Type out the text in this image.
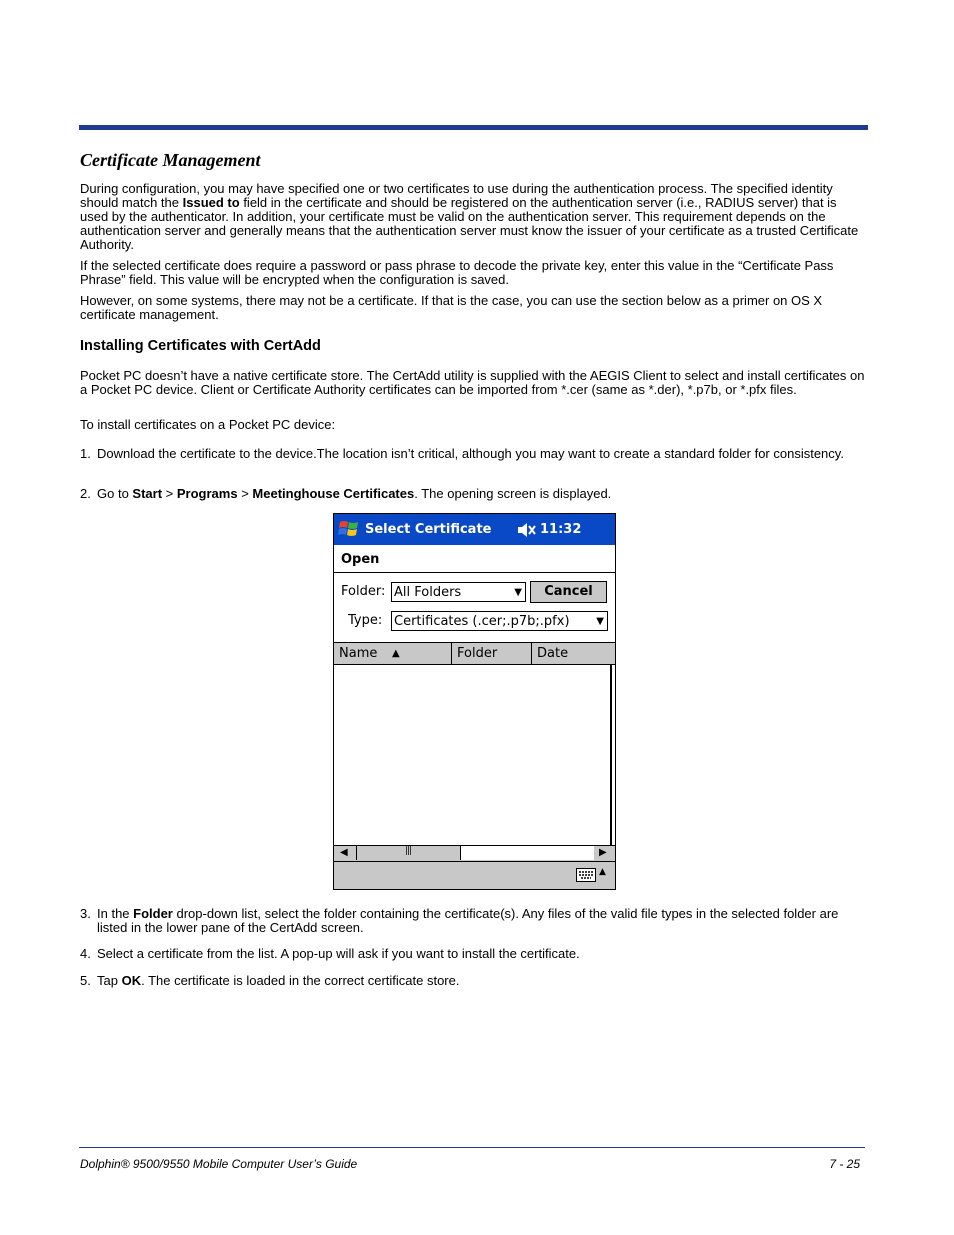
Certificate Management

During configuration, you may have specified one or two certificates to use during the authentication process. The specified identity should match the Issued to field in the certificate and should be registered on the authentication server (i.e., RADIUS server) that is used by the authenticator. In addition, your certificate must be valid on the authentication server. This requirement depends on the authentication server and generally means that the authentication server must know the issuer of your certificate as a trusted Certificate Authority.

If the selected certificate does require a password or pass phrase to decode the private key, enter this value in the “Certificate Pass Phrase” field. This value will be encrypted when the configuration is saved.

However, on some systems, there may not be a certificate. If that is the case, you can use the section below as a primer on OS X certificate management.

Installing Certificates with CertAdd

Pocket PC doesn’t have a native certificate store. The CertAdd utility is supplied with the AEGIS Client to select and install certificates on a Pocket PC device. Client or Certificate Authority certificates can be imported from *.cer (same as *.der), *.p7b, or *.pfx files.

To install certificates on a Pocket PC device:

1. Download the certificate to the device.The location isn’t critical, although you may want to create a standard folder for consistency.
2. Go to Start > Programs > Meetinghouse Certificates. The opening screen is displayed.
Select Certificate	11:32
Open
Folder: All Folders	▼	Cancel
Type: Certificates (.cer;.p7b;.pfx)	▼
Name ▲	Folder	Date
◀	|||	▶
▲
3. In the Folder drop-down list, select the folder containing the certificate(s). Any files of the valid file types in the selected folder are listed in the lower pane of the CertAdd screen.
4. Select a certificate from the list. A pop-up will ask if you want to install the certificate.
5. Tap OK. The certificate is loaded in the correct certificate store.
Dolphin® 9500/9550 Mobile Computer User’s Guide	7 - 25
